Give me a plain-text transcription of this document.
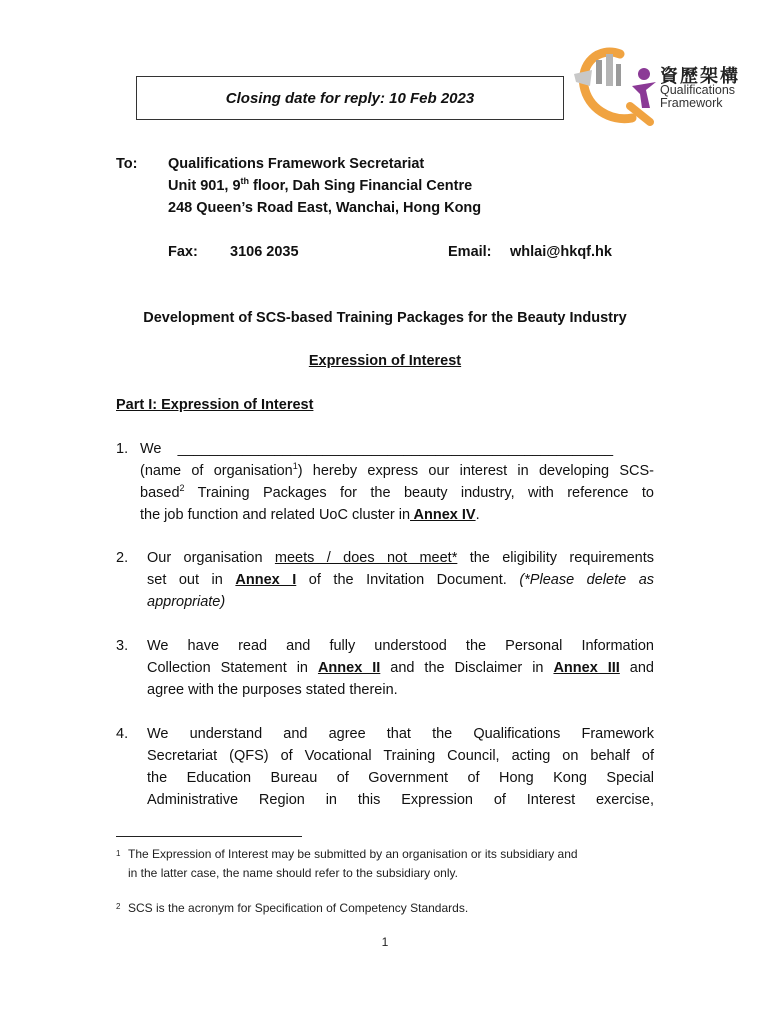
Closing date for reply: 10 Feb 2023
資歷架構
Qualifications
Framework
To: Qualifications Framework Secretariat
Unit 901, 9th floor, Dah Sing Financial Centre
248 Queen’s Road East, Wanchai, Hong Kong
Fax: 3106 2035	Email: whlai@hkqf.hk
Development of SCS-based Training Packages for the Beauty Industry
Expression of Interest
Part I: Expression of Interest
1. We ______________________________________________________
(name of organisation$^1$) hereby express our interest in developing SCS-
based$^2$ Training Packages for the beauty industry, with reference to
the job function and related UoC cluster in Annex IV.
2. Our organisation meets / does not meet* the eligibility requirements
set out in Annex I of the Invitation Document. (*Please delete as
appropriate)
3. We have read and fully understood the Personal Information
Collection Statement in Annex II and the Disclaimer in Annex III and
agree with the purposes stated therein.
4. We understand and agree that the Qualifications Framework
Secretariat (QFS) of Vocational Training Council, acting on behalf of
the Education Bureau of Government of Hong Kong Special
Administrative Region in this Expression of Interest exercise,
1 The Expression of Interest may be submitted by an organisation or its subsidiary and
in the latter case, the name should refer to the subsidiary only.
2 SCS is the acronym for Specification of Competency Standards.
1
